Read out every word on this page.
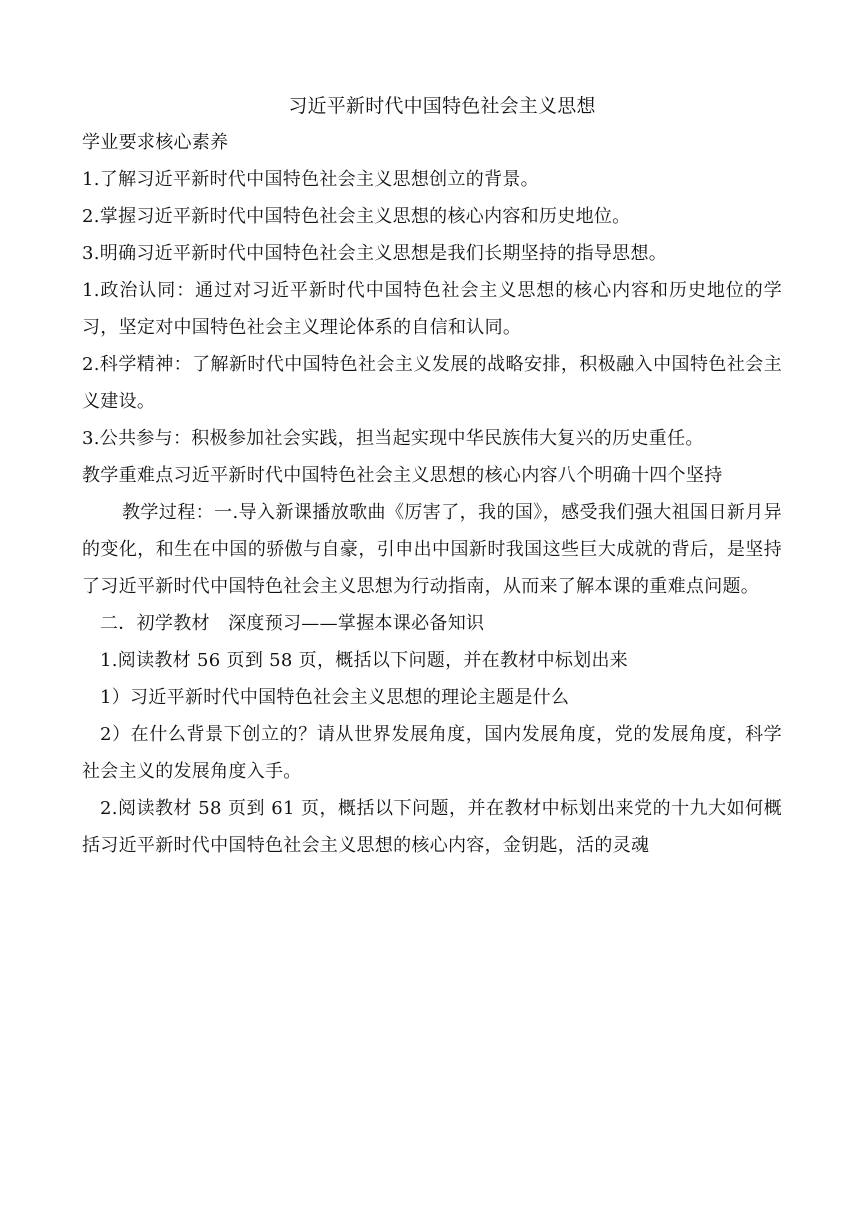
习近平新时代中国特色社会主义思想

学业要求核心素养

1.了解习近平新时代中国特色社会主义思想创立的背景。

2.掌握习近平新时代中国特色社会主义思想的核心内容和历史地位。

3.明确习近平新时代中国特色社会主义思想是我们长期坚持的指导思想。

1.政治认同：通过对习近平新时代中国特色社会主义思想的核心内容和历史地位的学习，坚定对中国特色社会主义理论体系的自信和认同。

2.科学精神：了解新时代中国特色社会主义发展的战略安排，积极融入中国特色社会主义建设。

3.公共参与：积极参加社会实践，担当起实现中华民族伟大复兴的历史重任。

教学重难点习近平新时代中国特色社会主义思想的核心内容八个明确十四个坚持

教学过程：一.导入新课播放歌曲《厉害了，我的国》，感受我们强大祖国日新月异的变化，和生在中国的骄傲与自豪，引申出中国新时我国这些巨大成就的背后，是坚持了习近平新时代中国特色社会主义思想为行动指南，从而来了解本课的重难点问题。

二．初学教材　深度预习——掌握本课必备知识

1.阅读教材 56 页到 58 页，概括以下问题，并在教材中标划出来

1）习近平新时代中国特色社会主义思想的理论主题是什么

2）在什么背景下创立的？请从世界发展角度，国内发展角度，党的发展角度，科学社会主义的发展角度入手。

2.阅读教材 58 页到 61 页，概括以下问题，并在教材中标划出来党的十九大如何概括习近平新时代中国特色社会主义思想的核心内容，金钥匙，活的灵魂
